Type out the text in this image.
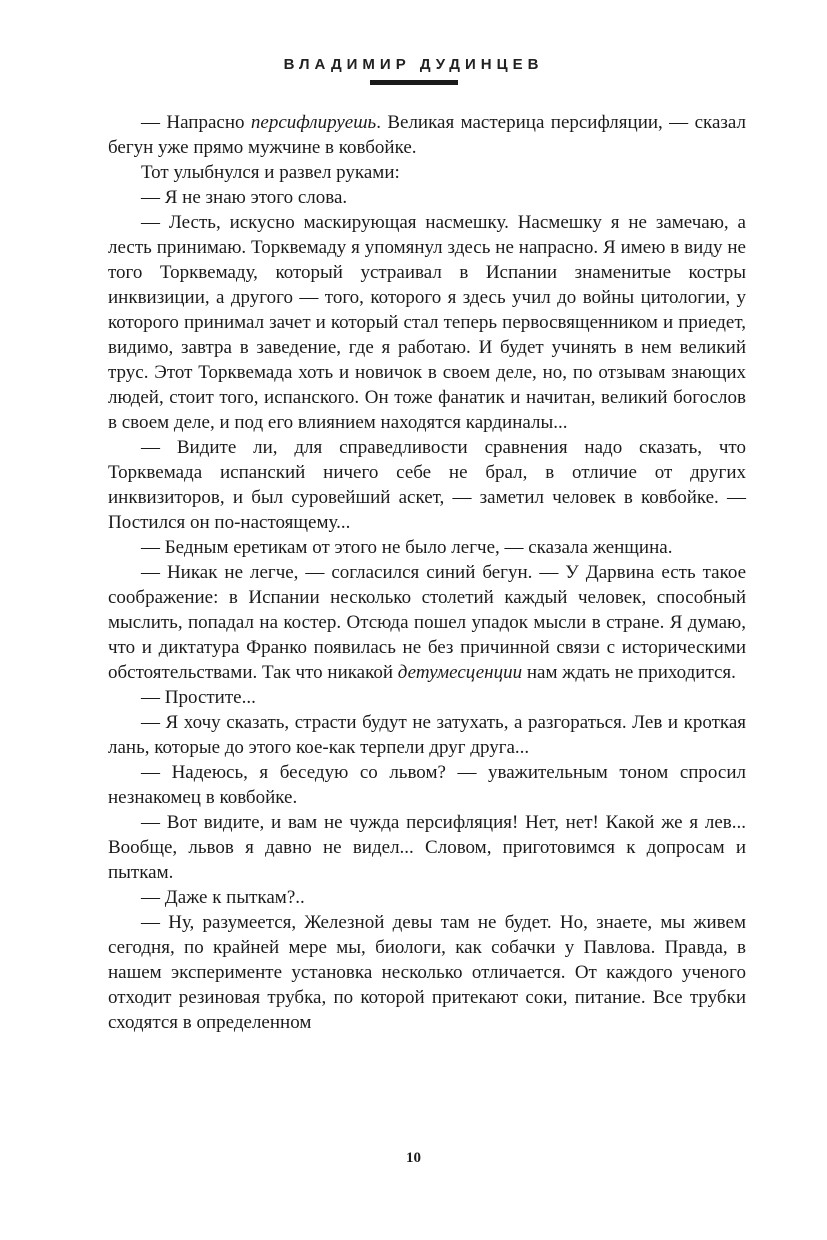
ВЛАДИМИР ДУДИНЦЕВ

— Напрасно персифлируешь. Великая мастерица персифляции, — сказал бегун уже прямо мужчине в ковбойке.

Тот улыбнулся и развел руками:

— Я не знаю этого слова.

— Лесть, искусно маскирующая насмешку. Насмешку я не замечаю, а лесть принимаю. Торквемаду я упомянул здесь не напрасно. Я имею в виду не того Торквемаду, который устраивал в Испании знаменитые костры инквизиции, а другого — того, которого я здесь учил до войны цитологии, у которого принимал зачет и который стал теперь первосвященником и приедет, видимо, завтра в заведение, где я работаю. И будет учинять в нем великий трус. Этот Торквемада хоть и новичок в своем деле, но, по отзывам знающих людей, стоит того, испанского. Он тоже фанатик и начитан, великий богослов в своем деле, и под его влиянием находятся кардиналы...

— Видите ли, для справедливости сравнения надо сказать, что Торквемада испанский ничего себе не брал, в отличие от других инквизиторов, и был суровейший аскет, — заметил человек в ковбойке. — Постился он по-настоящему...

— Бедным еретикам от этого не было легче, — сказала женщина.

— Никак не легче, — согласился синий бегун. — У Дарвина есть такое соображение: в Испании несколько столетий каждый человек, способный мыслить, попадал на костер. Отсюда пошел упадок мысли в стране. Я думаю, что и диктатура Франко появилась не без причинной связи с историческими обстоятельствами. Так что никакой детумесценции нам ждать не приходится.

— Простите...

— Я хочу сказать, страсти будут не затухать, а разгораться. Лев и кроткая лань, которые до этого кое-как терпели друг друга...

— Надеюсь, я беседую со львом? — уважительным тоном спросил незнакомец в ковбойке.

— Вот видите, и вам не чужда персифляция! Нет, нет! Какой же я лев... Вообще, львов я давно не видел... Словом, приготовимся к допросам и пыткам.

— Даже к пыткам?..

— Ну, разумеется, Железной девы там не будет. Но, знаете, мы живем сегодня, по крайней мере мы, биологи, как собачки у Павлова. Правда, в нашем эксперименте установка несколько отличается. От каждого ученого отходит резиновая трубка, по которой притекают соки, питание. Все трубки сходятся в определенном

10
